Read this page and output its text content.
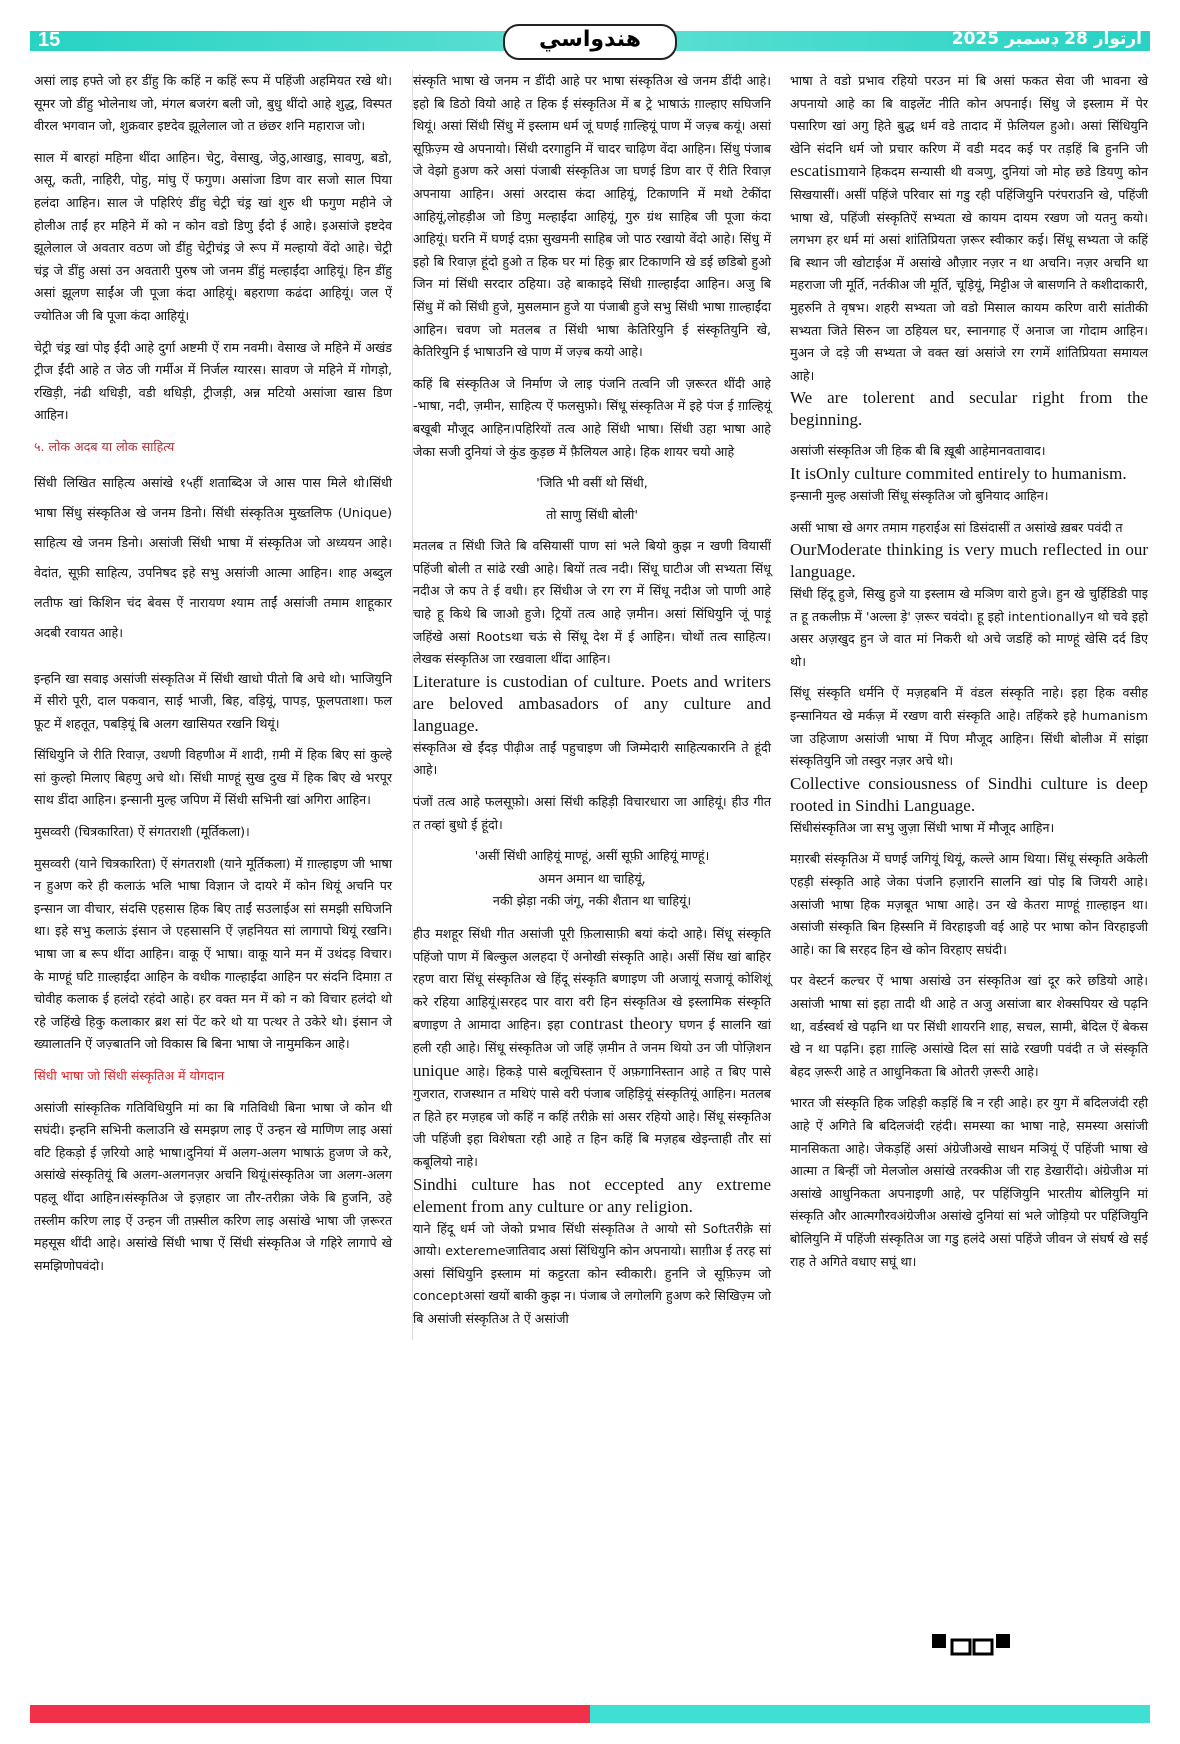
15	هندواسي	آرتوار 28 ڊسمبر 2025

असां लाइ हफ्ते जो हर डींहु कि कहिं न कहिं रूप में पहिंजी अहमियत रखे थो। सूमर जो डींहु भोलेनाथ जो, मंगल बजरंग बली जो, बुधु थींदो आहे शुद्ध, विस्पत वीरल भगवान जो, शुक्रवार इष्टदेव झूलेलाल जो त छंछर शनि महाराज जो।

साल में बारहां महिना थींदा आहिन। चेटु, वेसाखु, जेठु,आखाडु, सावणु, बडो, असू, कती, नाहिरी, पोहु, मांघु ऐं फगुण। असांजा डिण वार सजो साल पिया हलंदा आहिन। साल जे पहिरिएं डींहु चेट्री चंड्र खां शुरु थी फगुण महीने जे होलीअ ताईं हर महिने में को न कोन वडो डिणु ईंदो ई आहे। इअसांजे इष्टदेव झूलेलाल जे अवतार वठण जो डींहु चेट्रीचंड्र जे रूप में मल्हायो वेंदो आहे। चेट्री चंड्र जे डींहु असां उन अवतारी पुरुष जो जनम डींहुं मल्हाईंदा आहियूं। हिन डींहु असां झूलण साईंअ जी पूजा कंदा आहियूं। बहराणा कढंदा आहियूं। जल ऐं ज्योतिअ जी बि पूजा कंदा आहियूं।

चेट्री चंड्र खां पोइ ईंदी आहे दुर्गा अष्टमी ऐं राम नवमी। वेसाख जे महिने में अखंड ट्रीज ईंदी आहे त जेठ जी गर्मीअ में निर्जल ग्यारस। सावण जे महिने में गोगड़ो, रखिड़ी, नंढी थधिड़ी, वडी थधिड़ी, ट्रीजड़ी, अन्न मटियो असांजा खास डिण आहिन।

५. लोक अदब या लोक साहित्य

सिंधी लिखित साहित्य असांखे १५हीं शताब्दिअ जे आस पास मिले थो।सिंधी भाषा सिंधु संस्कृतिअ खे जनम डिनो। सिंधी संस्कृतिअ मुख्तलिफ (Unique) साहित्य खे जनम डिनो। असांजी सिंधी भाषा में संस्कृतिअ जो अध्ययन आहे। वेदांत, सूफ़ी साहित्य, उपनिषद इहे सभु असांजी आत्मा आहिन। शाह अब्दुल लतीफ खां किशिन चंद बेवस ऐं नारायण श्याम ताईं असांजी तमाम शाहूकार अदबी रवायत आहे।

इन्हनि खा सवाइ असांजी संस्कृतिअ में सिंधी खाधो पीतो बि अचे थो। भाजियुनि में सीरो पूरी, दाल पकवान, साई भाजी, बिह, वड़ियूं, पापड़, फूलपताशा। फल फ़ूट में शहतूत, पबड़ियूं बि अलग खासियत रखनि थियूं।

सिंधियुनि जे रीति रिवाज़, उथणी विहणीअ में शादी, ग़मी में हिक बिए सां कुल्हे सां कुल्हो मिलाए बिहणु अचे थो। सिंधी माण्हूं सुख दुख में हिक बिए खे भरपूर साथ डींदा आहिन। इन्सानी मुल्ह जपिण में सिंधी सभिनी खां अगिरा आहिन।

मुसव्वरी (चित्रकारिता) ऐं संगतराशी (मूर्तिकला)।

मुसव्वरी (याने चित्रकारिता) ऐं संगतराशी (याने मूर्तिकला) में ग़ाल्हाइण जी भाषा न हुअण करे ही कलाऊं भलि भाषा विज्ञान जे दायरे में कोन थियूं अचनि पर इन्सान जा वीचार, संदसि एहसास हिक बिए ताईं सउलाईअ सां समझी सघिजनि था। इहे सभु कलाऊं इंसान जे एहसासनि ऐं ज़हनियत सां लागापो थियूं रखनि। भाषा जा ब रूप थींदा आहिन। वाकू ऐं भाषा। वाकू याने मन में उथंदड़ विचार। के माण्हूं घटि ग़ाल्हाईंदा आहिन के वधीक गाल्हाईंदा आहिन पर संदनि दिमाग़ त चोवीह कलाक ई हलंदो रहंदो आहे। हर वक्त मन में को न को विचार हलंदो थो रहे जहिंखे हिकु कलाकार ब्रश सां पेंट करे थो या पत्थर ते उकेरे थो। इंसान जे ख्यालातनि ऐं जज़्बातनि जो विकास बि बिना भाषा जे नामुमकिन आहे।

सिंधी भाषा जो सिंधी संस्कृतिअ में योगदान

असांजी सांस्कृतिक गतिविधियुनि मां का बि गतिविधी बिना भाषा जे कोन थी सघंदी। इन्हनि सभिनी कलाउनि खे समझण लाइ ऐं उन्हन खे माणिण लाइ असां वटि हिकड़ो ई ज़रियो आहे भाषा।दुनियां में अलग-अलग भाषाऊं हुजण जे करे, असांखे संस्कृतियूं बि अलग-अलगनज़र अचनि थियूं।संस्कृतिअ जा अलग-अलग पहलू थींदा आहिन।संस्कृतिअ जे इज़हार जा तौर-तरीक़ा जेके बि हुजनि, उहे तस्लीम करिण लाइ ऐं उन्हन जी तफ़्सील करिण लाइ असांखे भाषा जी ज़रूरत महसूस थींदी आहे। असांखे सिंधी भाषा ऐं सिंधी संस्कृतिअ जे गहिरे लागापे खे समझिणोपवंदो।

संस्कृति भाषा खे जनम न डींदी आहे पर भाषा संस्कृतिअ खे जनम डींदी आहे। इहो बि डिठो वियो आहे त हिक ई संस्कृतिअ में ब ट्रे भाषाऊं ग़ाल्हाए सघिजनि थियूं। असां सिंधी सिंधु में इस्लाम धर्म जूं घणई ग़ाल्हियूं पाण में जज़्ब कयूं। असां सूफ़िज़्म खे अपनायो। सिंधी दरगाहुनि में चादर चाढ़िण वेंदा आहिन। सिंधु पंजाब जे वेझो हुअण करे असां पंजाबी संस्कृतिअ जा घणई डिण वार ऐं रीति रिवाज़ अपनाया आहिन। असां अरदास कंदा आहियूं, टिकाणनि में मथो टेकींदा आहियूं,लोहड़ीअ जो डिणु मल्हाईंदा आहियूं, गुरु ग्रंथ साहिब जी पूजा कंदा आहियूं। घरनि में घणई दफ़ा सुखमनी साहिब जो पाठ रखायो वेंदो आहे। सिंधु में इहो बि रिवाज़ हूंदो हुओ त हिक घर मां हिकु ब़ार टिकाणनि खे डई छडिबो हुओ जिन मां सिंधी सरदार ठहिया। उहे बाकाइदे सिंधी ग़ाल्हाईंदा आहिन। अजु बि सिंधु में को सिंधी हुजे, मुसलमान हुजे या पंजाबी हुजे सभु सिंधी भाषा ग़ाल्हाईंदा आहिन। चवण जो मतलब त सिंधी भाषा केतिरियुनि ई संस्कृतियुनि खे, केतिरियुनि ई भाषाउनि खे पाण में जज़्ब कयो आहे।

कहिं बि संस्कृतिअ जे निर्माण जे लाइ पंजनि तत्वनि जी ज़रूरत थींदी आहे -भाषा, नदी, ज़मीन, साहित्य ऐं फलसुफ़ो। सिंधू संस्कृतिअ में इहे पंज ई ग़ाल्हियूं बखूबी मौजूद आहिन।पहिरियों तत्व आहे सिंधी भाषा। सिंधी उहा भाषा आहे जेका सजी दुनियां जे कुंड कुड़छ में फ़ैलियल आहे। हिक शायर चयो आहे

'जिति भी वसीं थो सिंधी,

तो साणु सिंधी बोली'

मतलब त सिंधी जिते बि वसियासीं पाण सां भले बियो कुझ न खणी वियासीं पहिंजी बोली त सांढे रखी आहे। बियों तत्व नदी। सिंधू घाटीअ जी सभ्यता सिंधू नदीअ जे कप ते ई वधी। हर सिंधीअ जे रग रग में सिंधू नदीअ जो पाणी आहे चाहे हू किथे बि जाओ हुजे। ट्रियों तत्व आहे ज़मीन। असां सिंधियुनि जूं पाड़ूं जहिंखे असां Rootsथा चऊं से सिंधू देश में ई आहिन। चोथों तत्व साहित्य। लेखक संस्कृतिअ जा रखवाला थींदा आहिन।

Literature is custodian of culture. Poets and writers are beloved ambasadors of any culture and language.

संस्कृतिअ खे ईंदड़ पीढ़ीअ ताईं पहुचाइण जी जिम्मेदारी साहित्यकारनि ते हूंदी आहे।

पंजों तत्व आहे फलसूफ़ो। असां सिंधी कहिड़ी विचारधारा जा आहियूं। हीउ गीत त तव्हां बुधो ई हूंदो।

'असीं सिंधी आहियूं माण्हूं, असीं सूफ़ी आहियूं माण्हूं।

अमन अमान था चाहियूं,

नकी झेड़ा नकी जंगू, नकी शैतान था चाहियूं।

हीउ मशहूर सिंधी गीत असांजी पूरी फ़िलासाफ़ी बयां कंदो आहे। सिंधू संस्कृति पहिंजो पाण में बिल्कुल अलहदा ऐं अनोखी संस्कृति आहे। असीं सिंध खां बाहिर रहण वारा सिंधू संस्कृतिअ खे हिंदू संस्कृति बणाइण जी अजायूं सजायूं कोशिशूं करे रहिया आहियूं।सरहद पार वारा वरी हिन संस्कृतिअ खे इस्लामिक संस्कृति बणाइण ते आमादा आहिन। इहा contrast theory घणन ई सालनि खां हली रही आहे। सिंधू संस्कृतिअ जो जहिं ज़मीन ते जनम थियो उन जी पोज़िशन unique आहे। हिकड़े पासे बलूचिस्तान ऐं अफ़गानिस्तान आहे त बिए पासे गुजरात, राजस्थान त मथिएं पासे वरी पंजाब जहिड़ियूं संस्कृतियूं आहिन। मतलब त हिते हर मज़हब जो कहिं न कहिं तरीक़े सां असर रहियो आहे। सिंधू संस्कृतिअ जी पहिंजी इहा विशेषता रही आहे त हिन कहिं बि मज़हब खेइन्ताही तौर सां कबूलियो नाहे।

Sindhi culture has not eccepted any extreme element from any culture or any religion.

याने हिंदू धर्म जो जेको प्रभाव सिंधी संस्कृतिअ ते आयो सो Softतरीक़े सां आयो। exteremeजातिवाद असां सिंधियुनि कोन अपनायो। साग़ीअ ई तरह सां असां सिंधियुनि इस्लाम मां कट्टरता कोन स्वीकारी। हुननि जे सूफ़िज़्म जो conceptअसां खयों बाकी कुझ न। पंजाब जे लगोलगि हुअण करे सिखिज़्म जो बि असांजी संस्कृतिअ ते ऐं असांजी

भाषा ते वडो प्रभाव रहियो परउन मां बि असां फकत सेवा जी भावना खे अपनायो आहे का बि वाइलेंट नीति कोन अपनाई। सिंधु जे इस्लाम में पेर पसारिण खां अगु हिते बुद्ध धर्म वडे तादाद में फ़ेलियल हुओ। असां सिंधियुनि खेनि संदनि धर्म जो प्रचार करिण में वडी मदद कई पर तड़हिं बि हुननि जी escatismयाने हिकदम सन्यासी थी वञणु, दुनियां जो मोह छडे डियणु कोन सिखयासीं। असीं पहिंजे परिवार सां गडु रही पहिंजियुनि परंपराउनि खे, पहिंजी भाषा खे, पहिंजी संस्कृतिऐं सभ्यता खे कायम दायम रखण जो यतनु कयो। लगभग हर धर्म मां असां शांतिप्रियता ज़रूर स्वीकार कई। सिंधू सभ्यता जे कहिं बि स्थान जी खोटाईअ में असांखे औज़ार नज़र न था अचनि। नज़र अचनि था महराजा जी मूर्ति, नर्तकीअ जी मूर्ति, चूड़ियूं, मिट्टीअ जे बासणनि ते कशीदाकारी, मुहरुनि ते वृषभ। शहरी सभ्यता जो वडो मिसाल कायम करिण वारी सांतीकी सभ्यता जिते सिरुन जा ठहियल घर, स्नानगाह ऐं अनाज जा गोदाम आहिन। मुअन जे दड़े जी सभ्यता जे वक्त खां असांजे रग रगमें शांतिप्रियता समायल आहे।

We are tolerent and secular right from the beginning.

असांजी संस्कृतिअ जी हिक बी बि ख़ूबी आहेमानवतावाद।

It isOnly culture commited entirely to humanism.

इन्सानी मुल्ह असांजी सिंधू संस्कृतिअ जो बुनियाद आहिन।

असीं भाषा खे अगर तमाम गहराईअ सां डिसंदासीं त असांखे ख़बर पवंदी त

OurModerate thinking is very much reflected in our language.

सिंधी हिंदू हुजे, सिखु हुजे या इस्लाम खे मञिण वारो हुजे। हुन खे चुर्हिडिडी पाइ त हू तकलीफ़ में 'अल्ला ड़े' ज़रूर चवंदो। हू इहो intentionallyन थो चवे इहो असर अज़खुद हुन जे वात मां निकरी थो अचे जडहिं को माण्हूं खेसि दर्द डिए थो।

सिंधू संस्कृति धर्मनि ऐं मज़हबनि में वंडल संस्कृति नाहे। इहा हिक वसीह इन्सानियत खे मर्कज़ में रखण वारी संस्कृति आहे। तहिंकरे इहे humanism जा उहिजाण असांजी भाषा में पिण मौजूद आहिन। सिंधी बोलीअ में सांझा संस्कृतियुनि जो तस्वुर नज़र अचे थो।

Collective consiousness of Sindhi culture is deep rooted in Sindhi Language.

सिंधीसंस्कृतिअ जा सभु जुज़ा सिंधी भाषा में मौजूद आहिन।

मग़रबी संस्कृतिअ में घणई जगियूं थियूं, कल्ले आम थिया। सिंधू संस्कृति अकेली एहड़ी संस्कृति आहे जेका पंजनि हज़ारनि सालनि खां पोइ बि जियरी आहे। असांजी भाषा हिक मज़बूत भाषा आहे। उन खे केतरा माण्हूं ग़ाल्हाइन था। असांजी संस्कृति बिन हिस्सनि में विरहाइजी वई आहे पर भाषा कोन विरहाइजी आहे। का बि सरहद हिन खे कोन विरहाए सघंदी।

पर वेस्टर्न कल्चर ऐं भाषा असांखे उन संस्कृतिअ खां दूर करे छडियो आहे। असांजी भाषा सां इहा तादी थी आहे त अजु असांजा बार शेक्सपियर खे पढ़नि था, वर्डस्वर्थ खे पढ़नि था पर सिंधी शायरनि शाह, सचल, सामी, बेदिल ऐं बेकस खे न था पढ़नि। इहा ग़ाल्हि असांखे दिल सां सांढे रखणी पवंदी त जे संस्कृति बेहद ज़रूरी आहे त आधुनिकता बि ओतरी ज़रूरी आहे।

भारत जी संस्कृति हिक जहिड़ी कड़हिं बि न रही आहे। हर युग में बदिलजंदी रही आहे ऐं अगिते बि बदिलजंदी रहंदी। समस्या का भाषा नाहे, समस्या असांजी मानसिकता आहे। जेकड़हिं असां अंग्रेजीअखे साधन मञियूं ऐं पहिंजी भाषा खे आत्मा त बिन्हीं जो मेलजोल असांखे तरक्कीअ जी राह डेखारींदो। अंग्रेजीअ मां असांखे आधुनिकता अपनाइणी आहे, पर पहिंजियुनि भारतीय बोलियुनि मां संस्कृति और आत्मगौरवअंग्रेजीअ असांखे दुनियां सां भले जोड़ियो पर पहिंजियुनि बोलियुनि में पहिंजी संस्कृतिअ जा गडु हलंदे असां पहिंजे जीवन जे संघर्ष खे सई राह ते अगिते वधाए सघूं था।
